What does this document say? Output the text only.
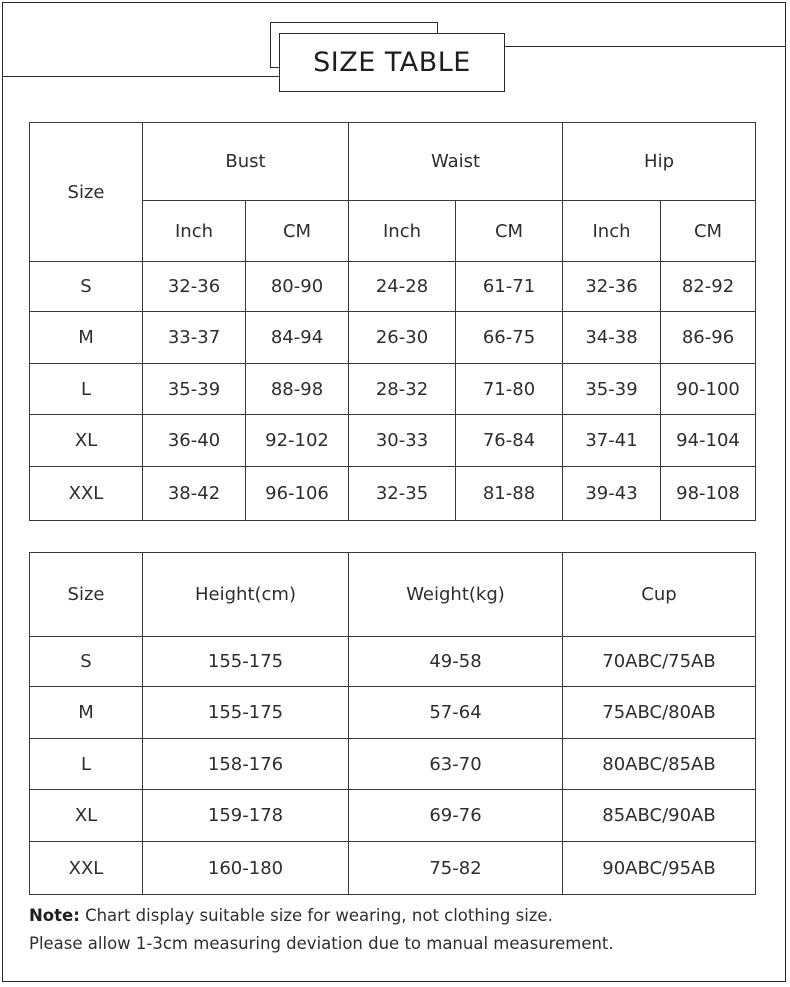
SIZE TABLE
Size	Bust		Waist		Hip	
	Inch	CM	Inch	CM	Inch	CM
S	32-36	80-90	24-28	61-71	32-36	82-92
M	33-37	84-94	26-30	66-75	34-38	86-96
L	35-39	88-98	28-32	71-80	35-39	90-100
XL	36-40	92-102	30-33	76-84	37-41	94-104
XXL	38-42	96-106	32-35	81-88	39-43	98-108
Size	Height(cm)	Weight(kg)	Cup
S	155-175	49-58	70ABC/75AB
M	155-175	57-64	75ABC/80AB
L	158-176	63-70	80ABC/85AB
XL	159-178	69-76	85ABC/90AB
XXL	160-180	75-82	90ABC/95AB
Note: Chart display suitable size for wearing, not clothing size.
Please allow 1-3cm measuring deviation due to manual measurement.
